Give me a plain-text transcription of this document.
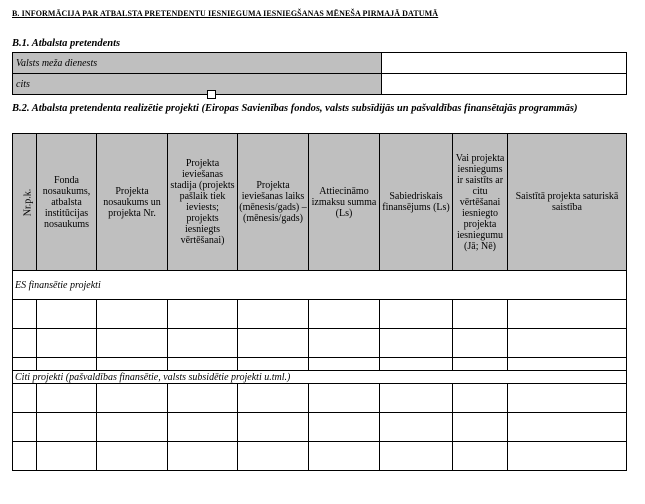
B. INFORMĀCIJA PAR ATBALSTA PRETENDENTU IESNIEGUMA IESNIEGŠANAS MĒNEŠA PIRMAJĀ DATUMĀ
B.1. Atbalsta pretendents
Valsts meža dienests	
cits	
B.2. Atbalsta pretendenta realizētie projekti (Eiropas Savienības fondos, valsts subsīdijās un pašvaldības finansētajās programmās)
Nr.p.k.	Fonda nosaukums, atbalsta institūcijas nosaukums	Projekta nosaukums un projekta Nr.	Projekta ieviešanas stadija (projekts pašlaik tiek ieviests; projekts iesniegts vērtēšanai)	Projekta ieviešanas laiks (mēnesis/gads) – (mēnesis/gads)	Attiecināmo izmaksu summa (Ls)	Sabiedriskais finansējums (Ls)	Vai projekta iesniegums ir saistīts ar citu vērtēšanai iesniegto projekta iesniegumu (Jā; Nē)	Saistītā projekta saturiskā saistība
ES finansētie projekti								

Citi projekti (pašvaldības finansētie, valsts subsidētie projekti u.tml.)								
